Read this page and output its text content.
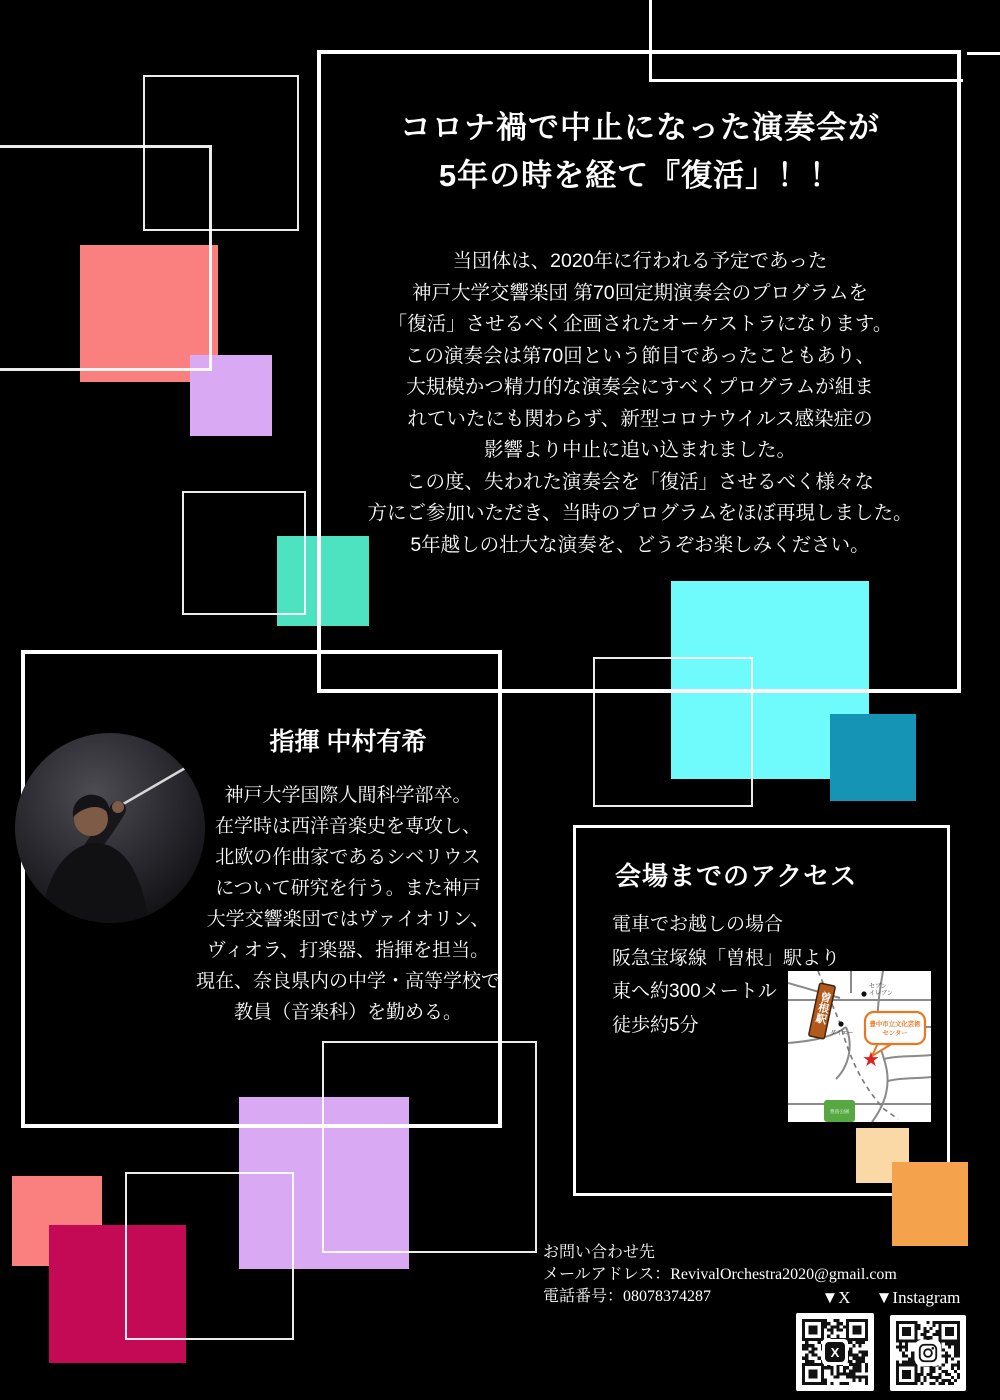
コロナ禍で中止になった演奏会が
5年の時を経て『復活」！！
当団体は、2020年に行われる予定であった
神戸大学交響楽団 第70回定期演奏会のプログラムを
「復活」させるべく企画されたオーケストラになります。
この演奏会は第70回という節目であったこともあり、
大規模かつ精力的な演奏会にすべくプログラムが組ま
れていたにも関わらず、新型コロナウイルス感染症の
影響より中止に追い込まれました。
この度、失われた演奏会を「復活」させるべく様々な
方にご参加いただき、当時のプログラムをほぼ再現しました。
5年越しの壮大な演奏を、どうぞお楽しみください。
指揮 中村有希
神戸大学国際人間科学部卒。
在学時は西洋音楽史を専攻し、
北欧の作曲家であるシベリウス
について研究を行う。また神戸
大学交響楽団ではヴァイオリン、
ヴィオラ、打楽器、指揮を担当。
現在、奈良県内の中学・高等学校で
教員（音楽科）を勤める。
会場までのアクセス
電車でお越しの場合
阪急宝塚線「曽根」駅より
東へ約300メートル
徒歩約5分
曽根駅
セブン
イレブン
ダイエー
豊中市立文化芸術
センター
★
豊島公園
お問い合わせ先
メールアドレス：RevivalOrchestra2020@gmail.com
電話番号：08078374287	▼X	▼Instagram
X
